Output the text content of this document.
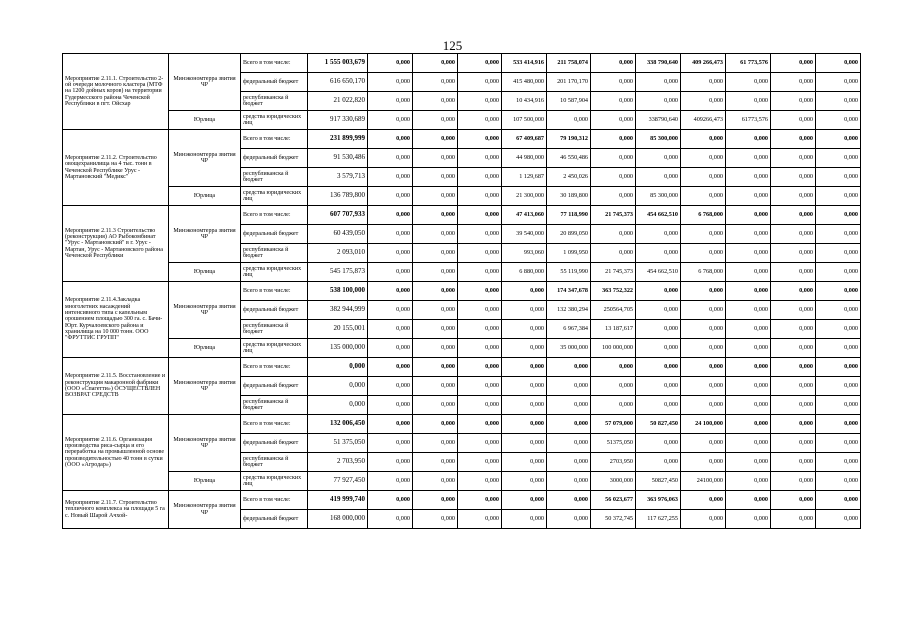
125
Мероприятие 2.11.1. Строительство 2-ой очереди молочного кластера (МТФ на 1200 дойных коров) на территории Гудермесского района Чеченской Республики в пгт. Ойсхар	Минэкономтерра звития ЧР	Всего в том числе:	1 555 003,679	0,000	0,000	0,000	533 414,916	211 758,074	0,000	338 790,640	409 266,473	61 773,576	0,000	0,000
		федеральный бюджет	616 650,170	0,000	0,000	0,000	415 480,000	201 170,170	0,000	0,000	0,000	0,000	0,000	0,000
		республиканска й бюджет	21 022,820	0,000	0,000	0,000	10 434,916	10 587,904	0,000	0,000	0,000	0,000	0,000	0,000
	Юрлица	средства юридических лиц	917 330,689	0,000	0,000	0,000	107 500,000	0,000	0,000	338790,640	409266,473	61773,576	0,000	0,000
Мероприятие 2.11.2. Строительство овощехранилища на 4 тыс. тонн в Чеченской Республике Урус - Мартановский "Медикс"	Минэкономтерра звития ЧР	Всего в том числе:	231 899,999	0,000	0,000	0,000	67 409,687	79 190,312	0,000	85 300,000	0,000	0,000	0,000	0,000
		федеральный бюджет	91 530,486	0,000	0,000	0,000	44 980,000	46 550,486	0,000	0,000	0,000	0,000	0,000	0,000
		республиканска й бюджет	3 579,713	0,000	0,000	0,000	1 129,687	2 450,026	0,000	0,000	0,000	0,000	0,000	0,000
	Юрлица	средства юридических лиц	136 789,800	0,000	0,000	0,000	21 300,000	30 189,800	0,000	85 300,000	0,000	0,000	0,000	0,000
Мероприятие 2.11.3 Строительство (реконструкция) АО Рыбокомбинат "Урус - Мартановский" в г. Урус - Мартан, Урус - Мартановского района Чеченской Республики	Минэкономтерра звития ЧР	Всего в том числе:	607 707,933	0,000	0,000	0,000	47 413,060	77 118,990	21 745,373	454 662,510	6 768,000	0,000	0,000	0,000
		федеральный бюджет	60 439,050	0,000	0,000	0,000	39 540,000	20 899,050	0,000	0,000	0,000	0,000	0,000	0,000
		республиканска й бюджет	2 093,010	0,000	0,000	0,000	993,060	1 099,950	0,000	0,000	0,000	0,000	0,000	0,000
	Юрлица	средства юридических лиц	545 175,873	0,000	0,000	0,000	6 880,000	55 119,990	21 745,373	454 662,510	6 768,000	0,000	0,000	0,000
Мероприятие 2.11.4.Закладка многолетних насаждений интенсивного типа с капельным орошением площадью 300 га. с. Бачи-Юрт. Курчалоевского района и хранилища на 10 000 тонн. ООО "ФРУТТИС ГРУПП"	Минэкономтерра звития ЧР	Всего в том числе:	538 100,000	0,000	0,000	0,000	0,000	174 347,678	363 752,322	0,000	0,000	0,000	0,000	0,000
		федеральный бюджет	382 944,999	0,000	0,000	0,000	0,000	132 380,294	250564,705	0,000	0,000	0,000	0,000	0,000
		республиканска й бюджет	20 155,001	0,000	0,000	0,000	0,000	6 967,384	13 187,617	0,000	0,000	0,000	0,000	0,000
	Юрлица	средства юридических лиц	135 000,000	0,000	0,000	0,000	0,000	35 000,000	100 000,000	0,000	0,000	0,000	0,000	0,000
Мероприятие 2.11.5. Восстановление и реконструкция макаронной фабрики (ООО «Спагетти») ОСУЩЕСТВЛЕН ВОЗВРАТ СРЕДСТВ	Минэкономтерра звития ЧР	Всего в том числе:	0,000	0,000	0,000	0,000	0,000	0,000	0,000	0,000	0,000	0,000	0,000	0,000
		федеральный бюджет	0,000	0,000	0,000	0,000	0,000	0,000	0,000	0,000	0,000	0,000	0,000	0,000
		республиканска й бюджет	0,000	0,000	0,000	0,000	0,000	0,000	0,000	0,000	0,000	0,000	0,000	0,000
Мероприятие 2.11.6. Организация производства рисa-сырца и его переработка на промышленной основе производительностью 40 тонн в сутки (ООО «Агродар»)	Минэкономтерра звития ЧР	Всего в том числе:	132 006,450	0,000	0,000	0,000	0,000	0,000	57 079,000	50 827,450	24 100,000	0,000	0,000	0,000
		федеральный бюджет	51 375,050	0,000	0,000	0,000	0,000	0,000	51375,050	0,000	0,000	0,000	0,000	0,000
		республиканска й бюджет	2 703,950	0,000	0,000	0,000	0,000	0,000	2703,950	0,000	0,000	0,000	0,000	0,000
	Юрлица	средства юридических лиц	77 927,450	0,000	0,000	0,000	0,000	0,000	3000,000	50827,450	24100,000	0,000	0,000	0,000
Мероприятие 2.11.7. Строительство тепличного комплекса на площади 5 га с. Новый Шарой Ачхой-	Минэкономтерра звития ЧР	Всего в том числе:	419 999,740	0,000	0,000	0,000	0,000	0,000	56 023,677	363 976,063	0,000	0,000	0,000	0,000
		федеральный бюджет	168 000,000	0,000	0,000	0,000	0,000	0,000	50 372,745	117 627,255	0,000	0,000	0,000	0,000
